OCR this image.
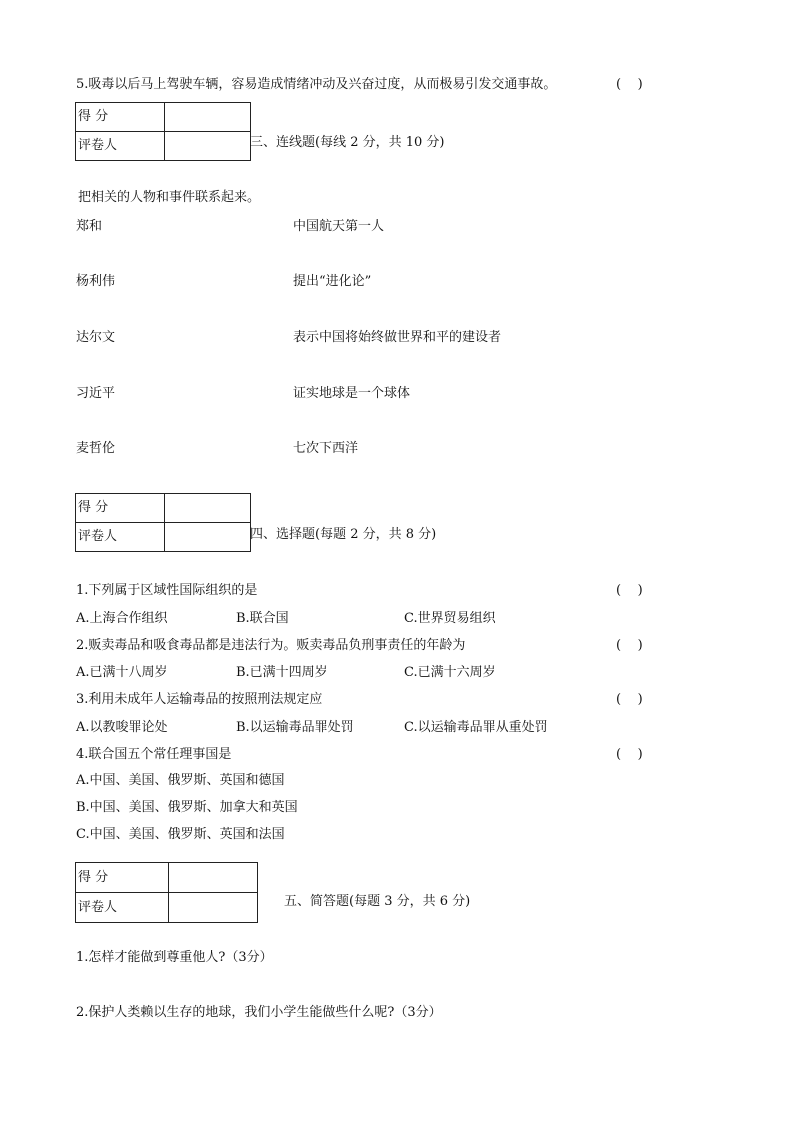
5.吸毒以后马上驾驶车辆，容易造成情绪冲动及兴奋过度，从而极易引发交通事故。	(    )
得 分	
评卷人		三、连线题(每线 2 分，共 10 分)
把相关的人物和事件联系起来。
郑和	中国航天第一人
杨利伟	提出“进化论”
达尔文	表示中国将始终做世界和平的建设者
习近平	证实地球是一个球体
麦哲伦	七次下西洋
得 分	
评卷人		四、选择题(每题 2 分，共 8 分)
1.下列属于区域性国际组织的是	(    )
A.上海合作组织	B.联合国	C.世界贸易组织
2.贩卖毒品和吸食毒品都是违法行为。贩卖毒品负刑事责任的年龄为	(    )
A.已满十八周岁	B.已满十四周岁	C.已满十六周岁
3.利用未成年人运输毒品的按照刑法规定应	(    )
A.以教唆罪论处	B.以运输毒品罪处罚	C.以运输毒品罪从重处罚
4.联合国五个常任理事国是	(    )
A.中国、美国、俄罗斯、英国和德国
B.中国、美国、俄罗斯、加拿大和英国
C.中国、美国、俄罗斯、英国和法国
得 分	
评卷人		五、简答题(每题 3 分，共 6 分)
1.怎样才能做到尊重他人?（3分）
2.保护人类赖以生存的地球，我们小学生能做些什么呢?（3分）
